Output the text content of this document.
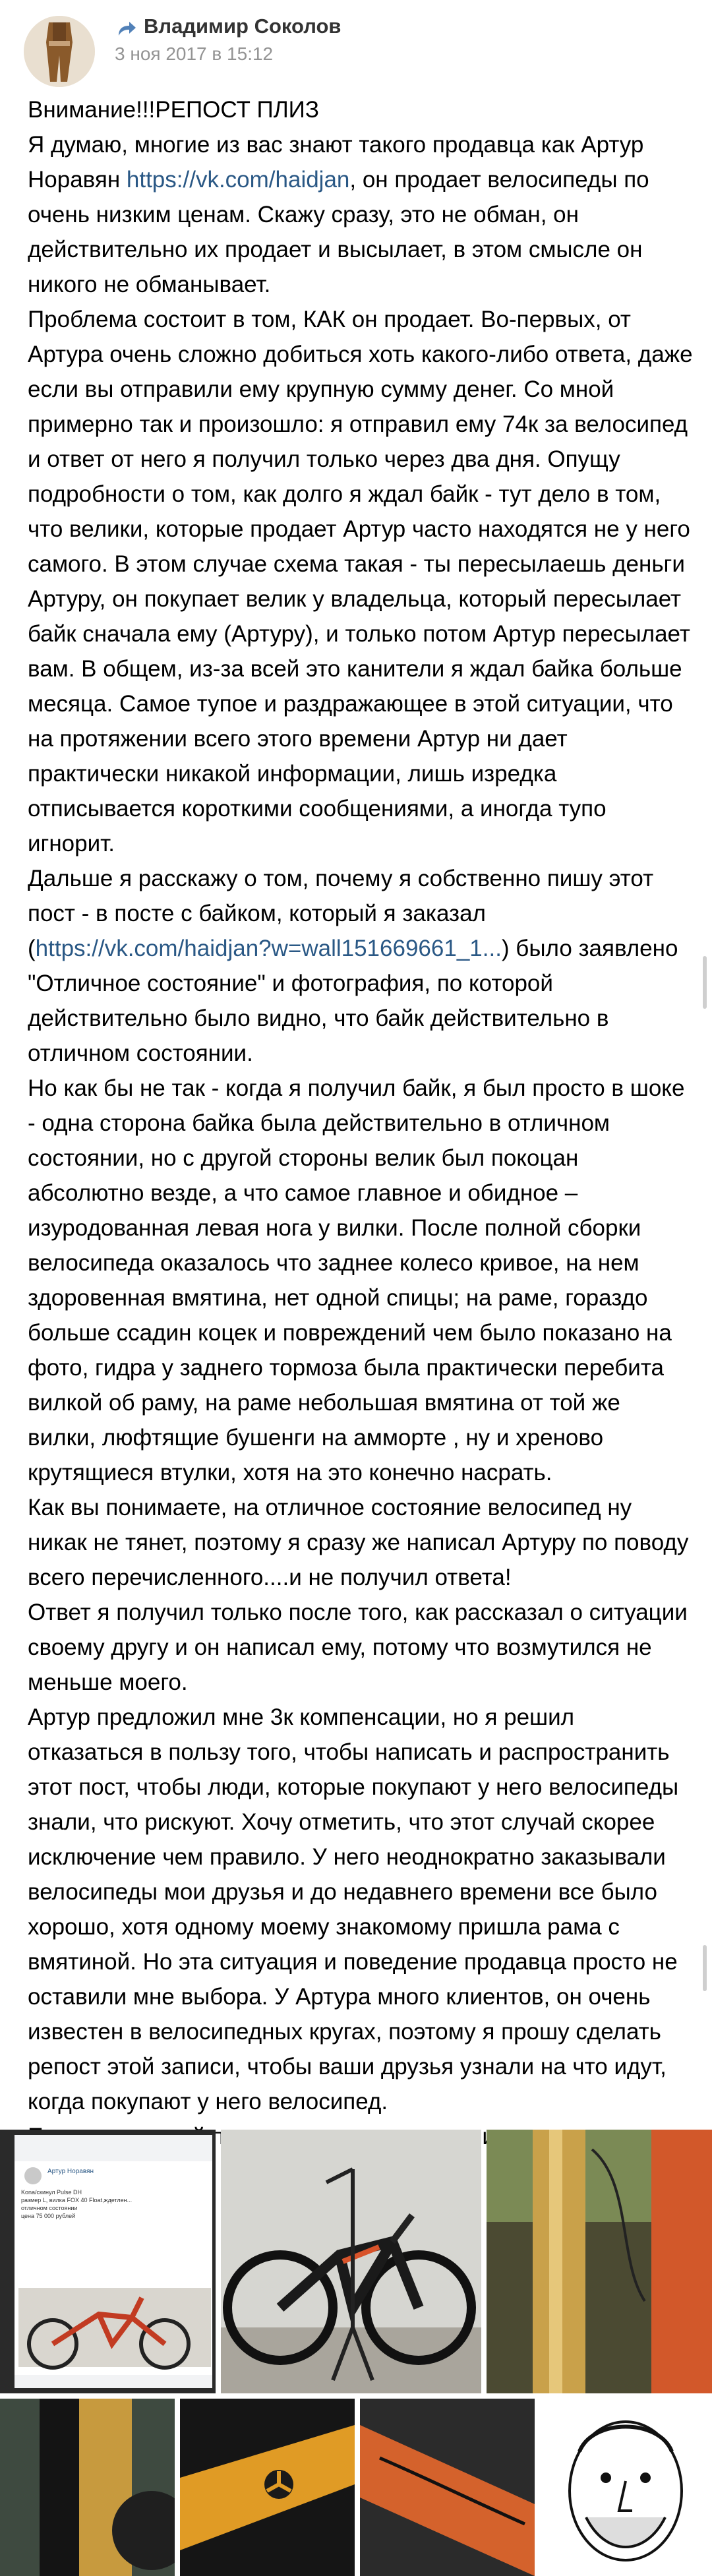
Владимир Соколов
3 ноя 2017 в 15:12

Внимание!!!РЕПОСТ ПЛИЗ

Я думаю, многие из вас знают такого продавца как Артур Норавян https://vk.com/haidjan, он продает велосипеды по очень низким ценам. Скажу сразу, это не обман, он действительно их продает и высылает, в этом смысле он никого не обманывает.

Проблема состоит в том, КАК он продает. Во-первых, от Артура очень сложно добиться хоть какого-либо ответа, даже если вы отправили ему крупную сумму денег. Со мной примерно так и произошло: я отправил ему 74к за велосипед и ответ от него я получил только через два дня. Опущу подробности о том, как долго я ждал байк - тут дело в том, что велики, которые продает Артур часто находятся не у него самого. В этом случае схема такая - ты пересылаешь деньги Артуру, он покупает велик у владельца, который пересылает байк сначала ему (Артуру), и только потом Артур пересылает вам. В общем, из-за всей это канители я ждал байка больше месяца. Самое тупое и раздражающее в этой ситуации, что на протяжении всего этого времени Артур ни дает практически никакой информации, лишь изредка отписывается короткими сообщениями, а иногда тупо игнорит.

Дальше я расскажу о том, почему я собственно пишу этот пост - в посте с байком, который я заказал (https://vk.com/haidjan?w=wall151669661_1...) было заявлено "Отличное состояние" и фотография, по которой действительно было видно, что байк действительно в отличном состоянии.

Но как бы не так - когда я получил байк, я был просто в шоке - одна сторона байка была действительно в отличном состоянии, но с другой стороны велик был покоцан абсолютно везде, а что самое главное и обидное – изуродованная левая нога у вилки. После полной сборки велосипеда оказалось что заднее колесо кривое, на нем здоровенная вмятина, нет одной спицы; на раме, гораздо больше ссадин коцек и повреждений чем было показано на фото, гидра у заднего тормоза была практически перебита вилкой об раму, на раме небольшая вмятина от той же вилки, люфтящие бушенги на амморте , ну и хреново крутящиеся втулки, хотя на это конечно насрать.

Как вы понимаете, на отличное состояние велосипед ну никак не тянет, поэтому я сразу же написал Артуру по поводу всего перечисленного....и не получил ответа!

Ответ я получил только после того, как рассказал о ситуации своему другу и он написал ему, потому что возмутился не меньше моего.

Артур предложил мне 3к компенсации, но я решил отказаться в пользу того, чтобы написать и распространить этот пост, чтобы люди, которые покупают у него велосипеды знали, что рискуют. Хочу отметить, что этот случай скорее исключение чем правило. У него неоднократно заказывали велосипеды мои друзья и до недавнего времени все было хорошо, хотя одному моему знакомому пришла рама с вмятиной. Но эта ситуация и поведение продавца просто не оставили мне выбора. У Артура много клиентов, он очень известен в велосипедных кругах, поэтому я прошу сделать репост этой записи, чтобы ваши друзья узнали на что идут, когда покупают у него велосипед.

Артур Норавян
Kona/скинул Pulse DH
размер L, вилка FOX 40 Float,ждетлен...
отличном состоянии
цена 75 000 рублей
